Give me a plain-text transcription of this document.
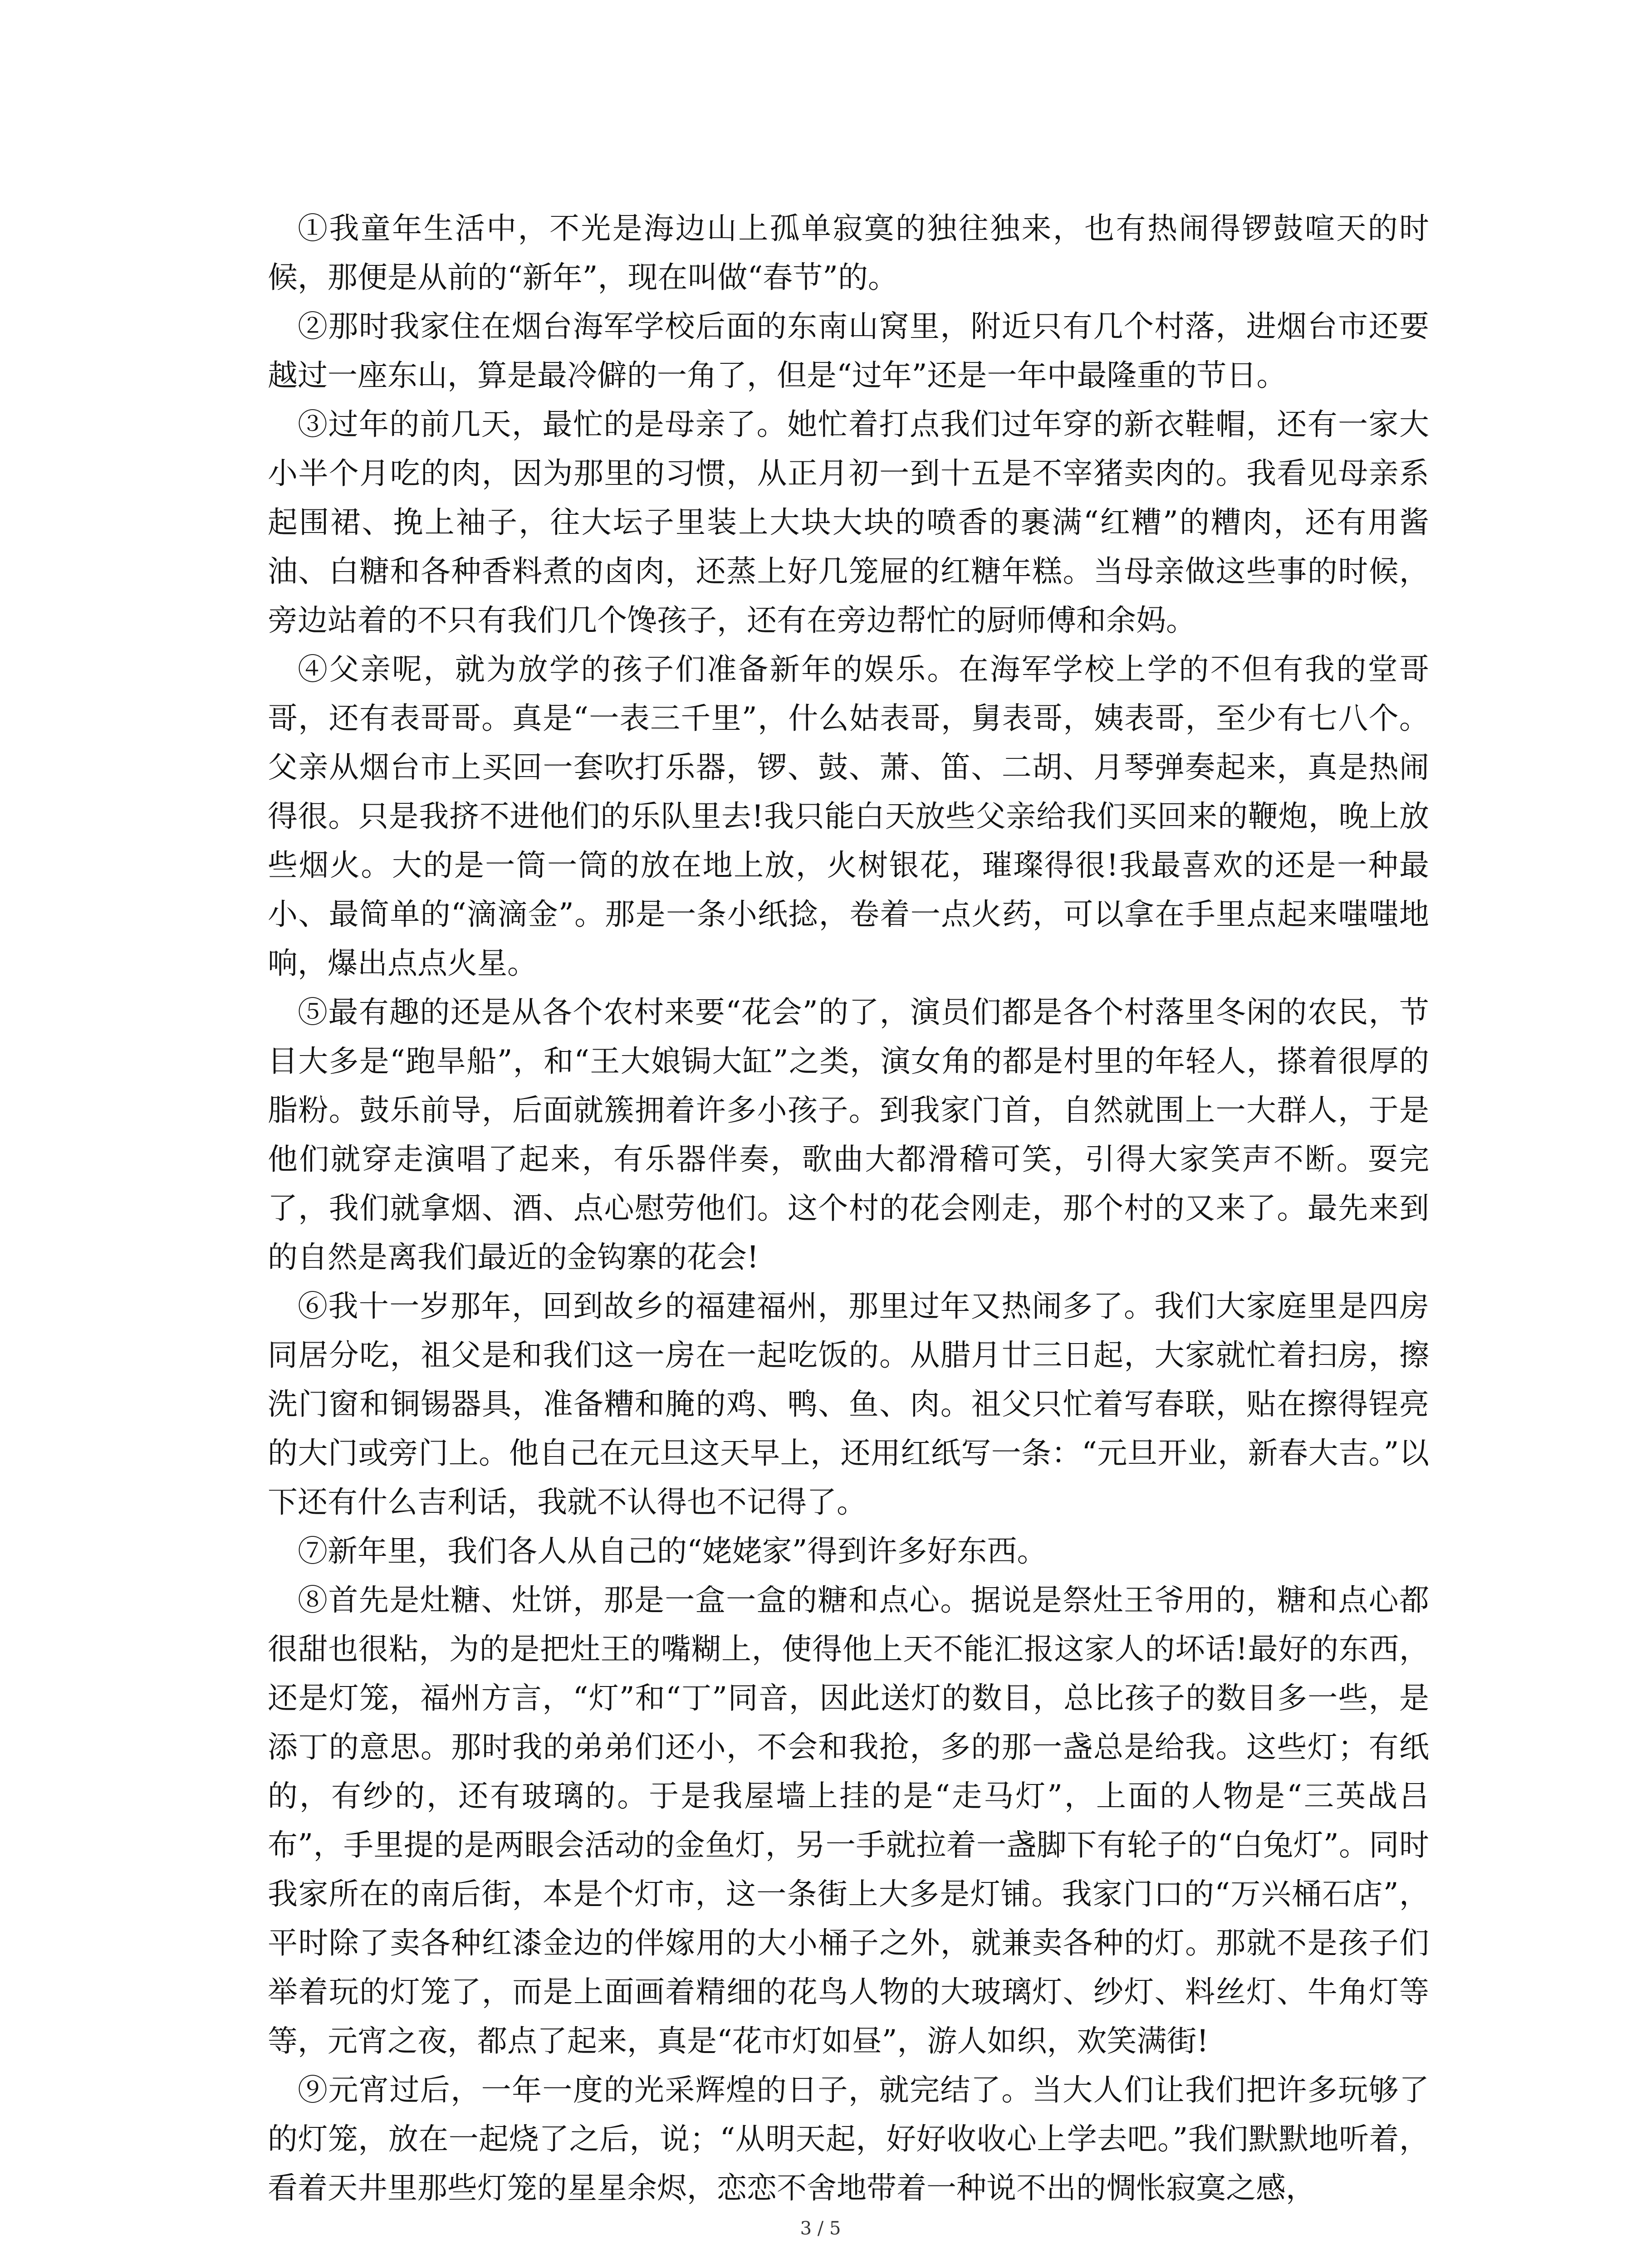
①我童年生活中，不光是海边山上孤单寂寞的独往独来，也有热闹得锣鼓喧天的时候，那便是从前的“新年”，现在叫做“春节”的。

②那时我家住在烟台海军学校后面的东南山窝里，附近只有几个村落，进烟台市还要越过一座东山，算是最冷僻的一角了，但是“过年”还是一年中最隆重的节日。

③过年的前几天，最忙的是母亲了。她忙着打点我们过年穿的新衣鞋帽，还有一家大小半个月吃的肉，因为那里的习惯，从正月初一到十五是不宰猪卖肉的。我看见母亲系起围裙、挽上袖子，往大坛子里装上大块大块的喷香的裹满“红糟”的糟肉，还有用酱油、白糖和各种香料煮的卤肉，还蒸上好几笼屉的红糖年糕。当母亲做这些事的时候，旁边站着的不只有我们几个馋孩子，还有在旁边帮忙的厨师傅和余妈。

④父亲呢，就为放学的孩子们准备新年的娱乐。在海军学校上学的不但有我的堂哥哥，还有表哥哥。真是“一表三千里”，什么姑表哥，舅表哥，姨表哥，至少有七八个。父亲从烟台市上买回一套吹打乐器，锣、鼓、萧、笛、二胡、月琴弹奏起来，真是热闹得很。只是我挤不进他们的乐队里去!我只能白天放些父亲给我们买回来的鞭炮，晚上放些烟火。大的是一筒一筒的放在地上放，火树银花，璀璨得很!我最喜欢的还是一种最小、最简单的“滴滴金”。那是一条小纸捻，卷着一点火药，可以拿在手里点起来嗤嗤地响，爆出点点火星。

⑤最有趣的还是从各个农村来要“花会”的了，演员们都是各个村落里冬闲的农民，节目大多是“跑旱船”，和“王大娘锔大缸”之类，演女角的都是村里的年轻人，搽着很厚的脂粉。鼓乐前导，后面就簇拥着许多小孩子。到我家门首，自然就围上一大群人，于是他们就穿走演唱了起来，有乐器伴奏，歌曲大都滑稽可笑，引得大家笑声不断。耍完了，我们就拿烟、酒、点心慰劳他们。这个村的花会刚走，那个村的又来了。最先来到的自然是离我们最近的金钩寨的花会!

⑥我十一岁那年，回到故乡的福建福州，那里过年又热闹多了。我们大家庭里是四房同居分吃，祖父是和我们这一房在一起吃饭的。从腊月廿三日起，大家就忙着扫房，擦洗门窗和铜锡器具，准备糟和腌的鸡、鸭、鱼、肉。祖父只忙着写春联，贴在擦得锃亮的大门或旁门上。他自己在元旦这天早上，还用红纸写一条：“元旦开业，新春大吉。”以下还有什么吉利话，我就不认得也不记得了。

⑦新年里，我们各人从自己的“姥姥家”得到许多好东西。

⑧首先是灶糖、灶饼，那是一盒一盒的糖和点心。据说是祭灶王爷用的，糖和点心都很甜也很粘，为的是把灶王的嘴糊上，使得他上天不能汇报这家人的坏话!最好的东西，还是灯笼，福州方言，“灯”和“丁”同音，因此送灯的数目，总比孩子的数目多一些，是添丁的意思。那时我的弟弟们还小，不会和我抢，多的那一盏总是给我。这些灯；有纸的，有纱的，还有玻璃的。于是我屋墙上挂的是“走马灯”，上面的人物是“三英战吕布”，手里提的是两眼会活动的金鱼灯，另一手就拉着一盏脚下有轮子的“白兔灯”。同时我家所在的南后街，本是个灯市，这一条街上大多是灯铺。我家门口的“万兴桶石店”，平时除了卖各种红漆金边的伴嫁用的大小桶子之外，就兼卖各种的灯。那就不是孩子们举着玩的灯笼了，而是上面画着精细的花鸟人物的大玻璃灯、纱灯、料丝灯、牛角灯等等，元宵之夜，都点了起来，真是“花市灯如昼”，游人如织，欢笑满街!

⑨元宵过后，一年一度的光采辉煌的日子，就完结了。当大人们让我们把许多玩够了的灯笼，放在一起烧了之后，说；“从明天起，好好收收心上学去吧。”我们默默地听着，看着天井里那些灯笼的星星余烬，恋恋不舍地带着一种说不出的惆怅寂寞之感，

3 / 5
